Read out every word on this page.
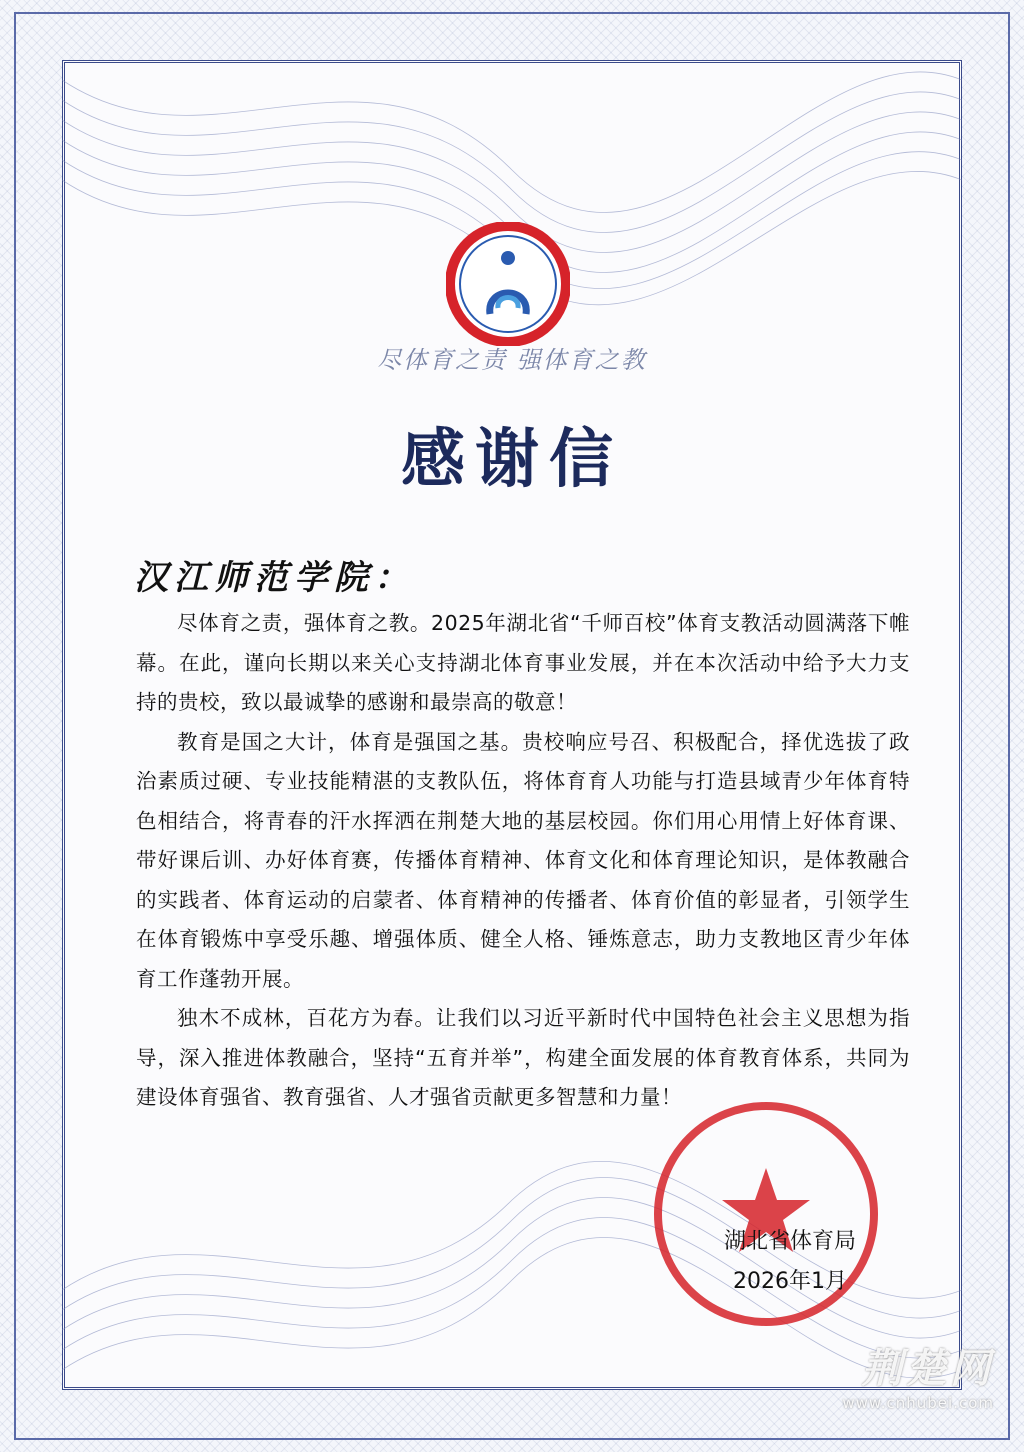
尽体育之责 强体育之教
感谢信
汉江师范学院：

尽体育之责，强体育之教。2025年湖北省“千师百校”体育支教活动圆满落下帷幕。在此，谨向长期以来关心支持湖北体育事业发展，并在本次活动中给予大力支持的贵校，致以最诚挚的感谢和最崇高的敬意！

教育是国之大计，体育是强国之基。贵校响应号召、积极配合，择优选拔了政治素质过硬、专业技能精湛的支教队伍，将体育育人功能与打造县域青少年体育特色相结合，将青春的汗水挥洒在荆楚大地的基层校园。你们用心用情上好体育课、带好课后训、办好体育赛，传播体育精神、体育文化和体育理论知识，是体教融合的实践者、体育运动的启蒙者、体育精神的传播者、体育价值的彰显者，引领学生在体育锻炼中享受乐趣、增强体质、健全人格、锤炼意志，助力支教地区青少年体育工作蓬勃开展。

独木不成林，百花方为春。让我们以习近平新时代中国特色社会主义思想为指导，深入推进体教融合，坚持“五育并举”，构建全面发展的体育教育体系，共同为建设体育强省、教育强省、人才强省贡献更多智慧和力量！

湖北省体育局
2026年1月
荆楚网
www.cnhubei.com
